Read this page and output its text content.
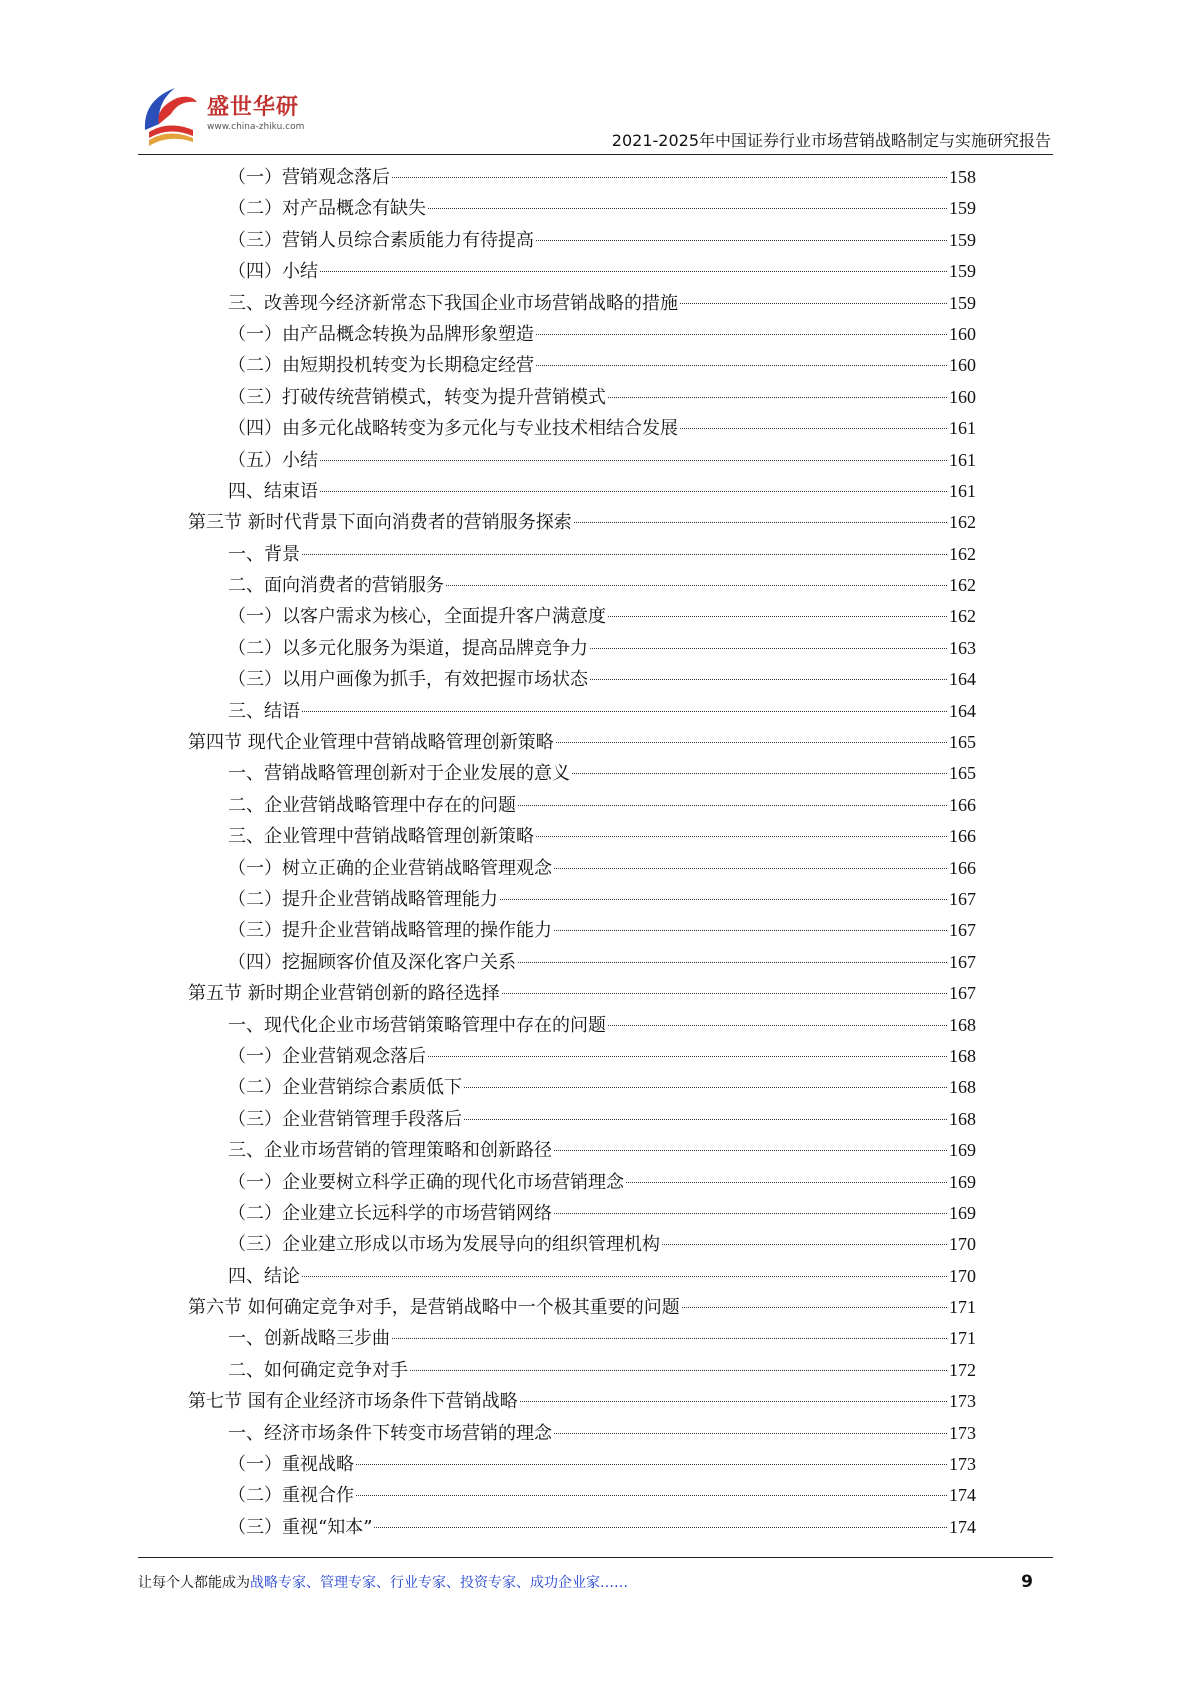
盛世华研
www.china-zhiku.com
2021-2025年中国证券行业市场营销战略制定与实施研究报告
（一）营销观念落后	158
（二）对产品概念有缺失	159
（三）营销人员综合素质能力有待提高	159
（四）小结	159
三、改善现今经济新常态下我国企业市场营销战略的措施	159
（一）由产品概念转换为品牌形象塑造	160
（二）由短期投机转变为长期稳定经营	160
（三）打破传统营销模式，转变为提升营销模式	160
（四）由多元化战略转变为多元化与专业技术相结合发展	161
（五）小结	161
四、结束语	161
第三节 新时代背景下面向消费者的营销服务探索	162
一、背景	162
二、面向消费者的营销服务	162
（一）以客户需求为核心，全面提升客户满意度	162
（二）以多元化服务为渠道，提高品牌竞争力	163
（三）以用户画像为抓手，有效把握市场状态	164
三、结语	164
第四节 现代企业管理中营销战略管理创新策略	165
一、营销战略管理创新对于企业发展的意义	165
二、企业营销战略管理中存在的问题	166
三、企业管理中营销战略管理创新策略	166
（一）树立正确的企业营销战略管理观念	166
（二）提升企业营销战略管理能力	167
（三）提升企业营销战略管理的操作能力	167
（四）挖掘顾客价值及深化客户关系	167
第五节 新时期企业营销创新的路径选择	167
一、现代化企业市场营销策略管理中存在的问题	168
（一）企业营销观念落后	168
（二）企业营销综合素质低下	168
（三）企业营销管理手段落后	168
三、企业市场营销的管理策略和创新路径	169
（一）企业要树立科学正确的现代化市场营销理念	169
（二）企业建立长远科学的市场营销网络	169
（三）企业建立形成以市场为发展导向的组织管理机构	170
四、结论	170
第六节 如何确定竞争对手，是营销战略中一个极其重要的问题	171
一、创新战略三步曲	171
二、如何确定竞争对手	172
第七节 国有企业经济市场条件下营销战略	173
一、经济市场条件下转变市场营销的理念	173
（一）重视战略	173
（二）重视合作	174
（三）重视“知本”	174
让每个人都能成为战略专家、管理专家、行业专家、投资专家、成功企业家……	9
